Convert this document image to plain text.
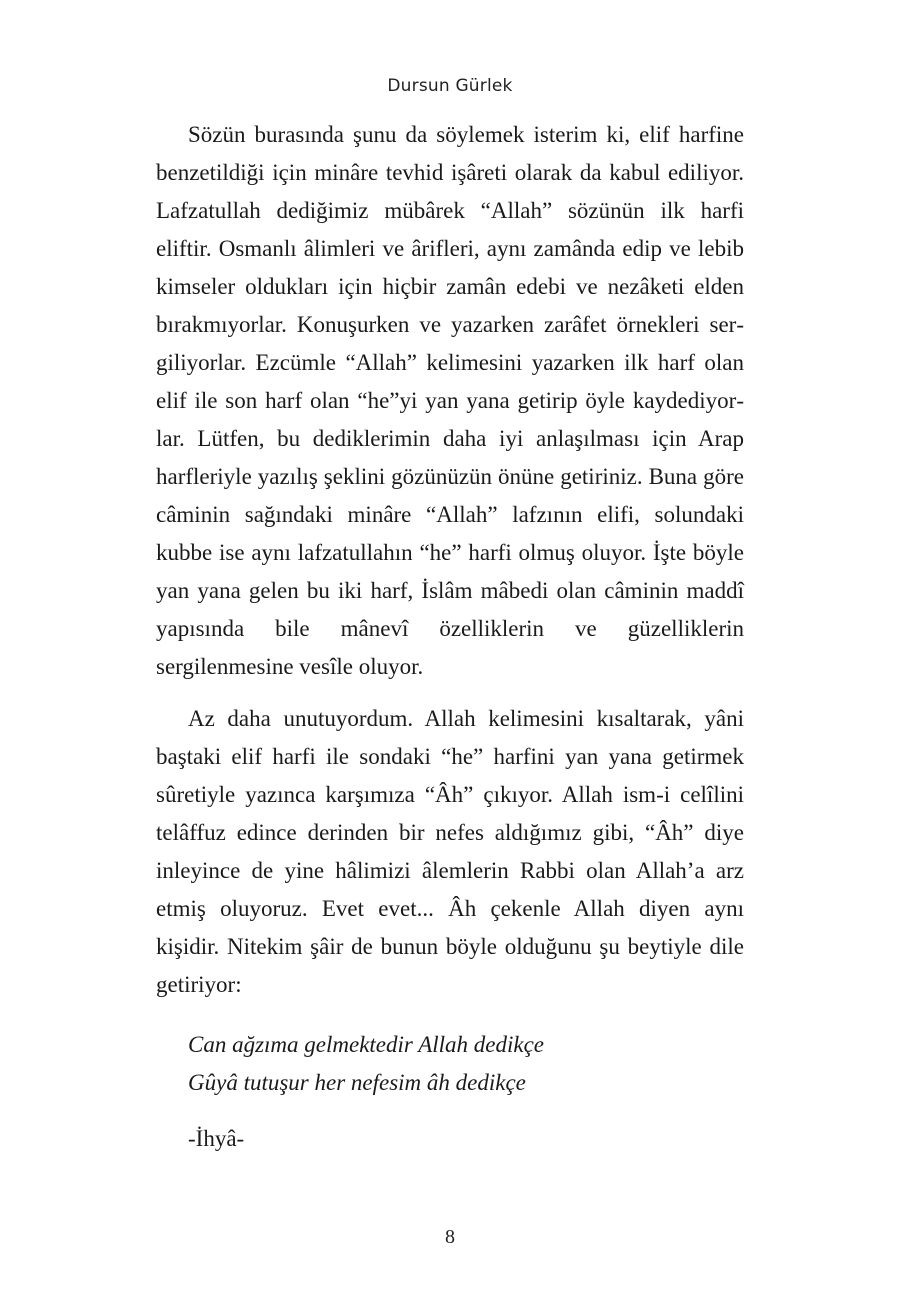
Dursun Gürlek

Sözün burasında şunu da söylemek isterim ki, elif harfine benzetildiği için minâre tevhid işâreti olarak da kabul ediliyor. Lafzatullah dediğimiz mübârek “Allah” sözünün ilk harfi eliftir. Osmanlı âlimleri ve ârifleri, aynı zamânda edip ve lebib kimseler oldukları için hiçbir zamân edebi ve nezâketi elden bırakmıyorlar. Konuşurken ve yazarken zarâfet örnekleri sergiliyorlar. Ezcümle “Allah” kelimesini yazarken ilk harf olan elif ile son harf olan “he”yi yan yana getirip öyle kaydediyorlar. Lütfen, bu dediklerimin daha iyi anlaşılması için Arap harfleriyle yazılış şeklini gözünüzün önüne getiriniz. Buna göre câminin sağındaki minâre “Allah” lafzının elifi, solundaki kubbe ise aynı lafzatullahın “he” harfi olmuş oluyor. İşte böyle yan yana gelen bu iki harf, İslâm mâbedi olan câminin maddî yapısında bile mânevî özelliklerin ve güzelliklerin sergilenmesine vesîle oluyor.

Az daha unutuyordum. Allah kelimesini kısaltarak, yâni baştaki elif harfi ile sondaki “he” harfini yan yana getirmek sûretiyle yazınca karşımıza “Âh” çıkıyor. Allah ism-i celîlini telâffuz edince derinden bir nefes aldığımız gibi, “Âh” diye inleyince de yine hâlimizi âlemlerin Rabbi olan Allah’a arz etmiş oluyoruz. Evet evet... Âh çekenle Allah diyen aynı kişidir. Nitekim şâir de bunun böyle olduğunu şu beytiyle dile getiriyor:

Can ağzıma gelmektedir Allah dedikçe
Gûyâ tutuşur her nefesim âh dedikçe
-İhyâ-
8
